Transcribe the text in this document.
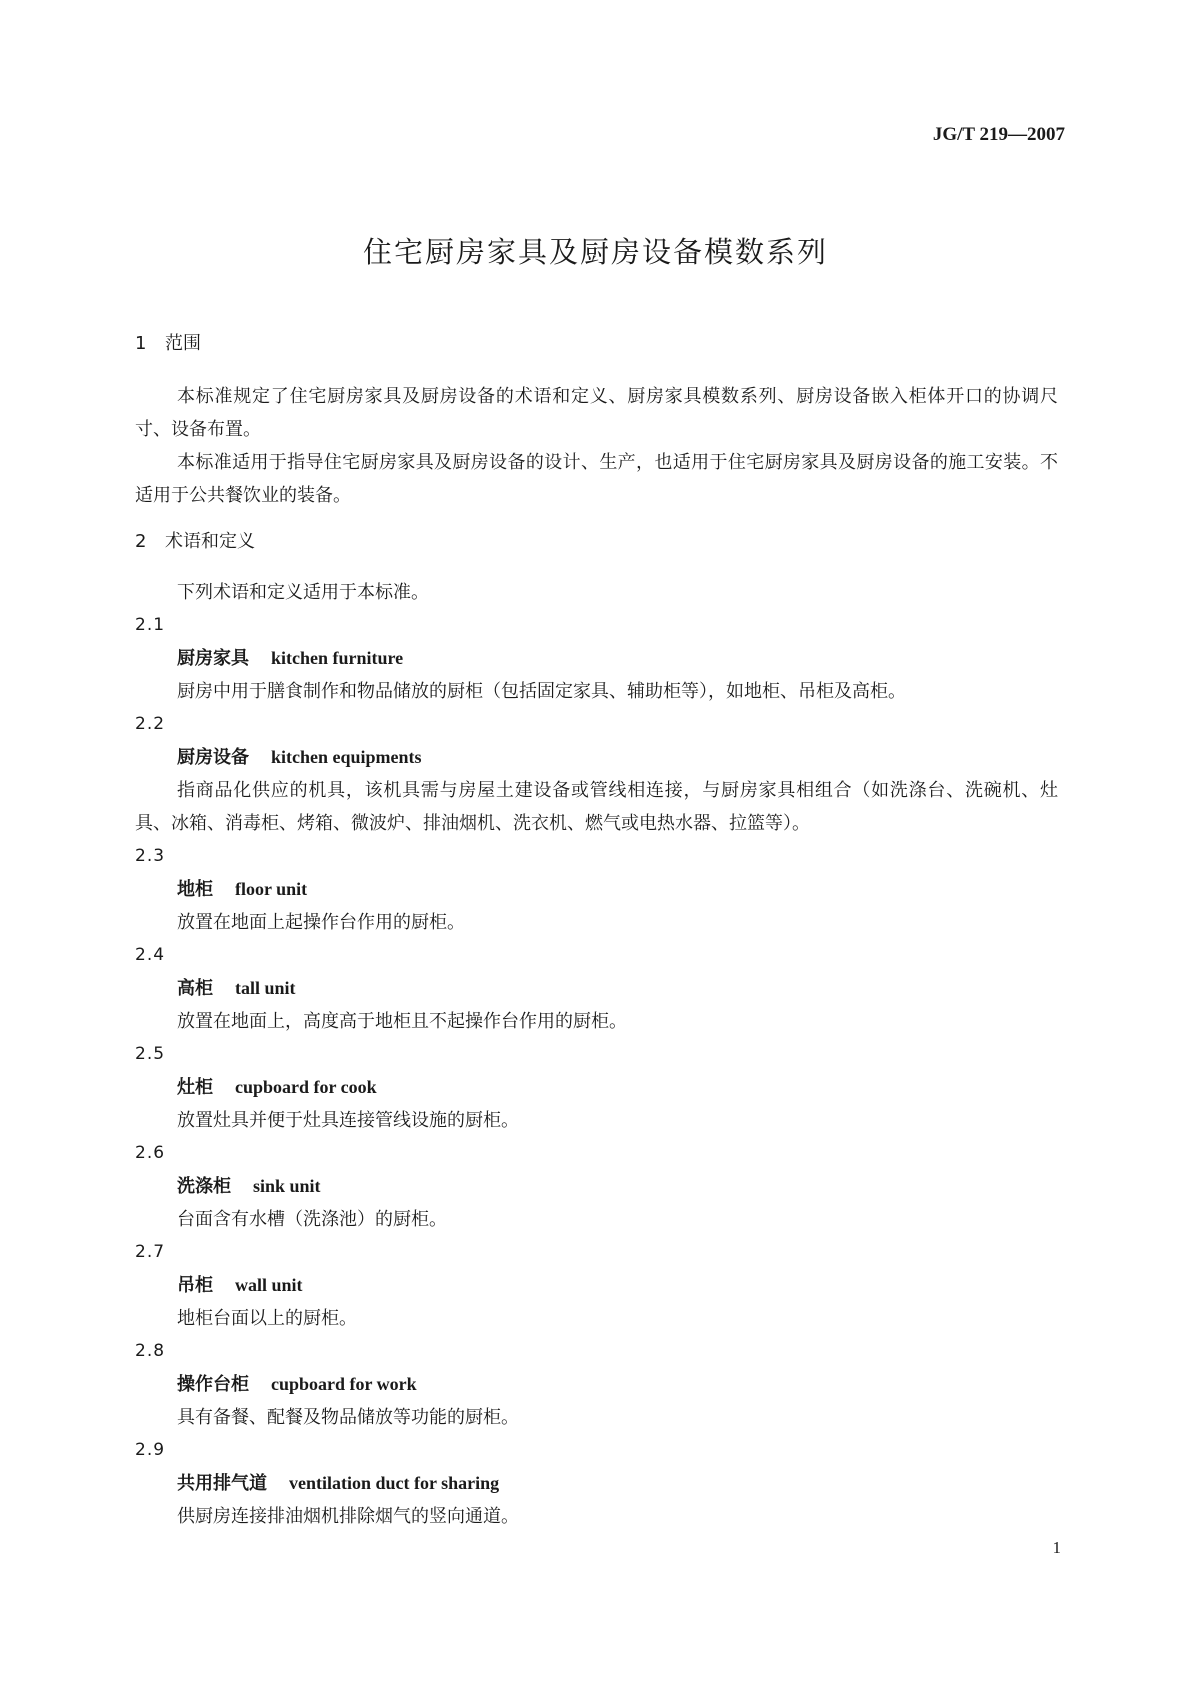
JG/T 219—2007
住宅厨房家具及厨房设备模数系列
1 范围
本标准规定了住宅厨房家具及厨房设备的术语和定义、厨房家具模数系列、厨房设备嵌入柜体开口的协调尺寸、设备布置。
本标准适用于指导住宅厨房家具及厨房设备的设计、生产，也适用于住宅厨房家具及厨房设备的施工安装。不适用于公共餐饮业的装备。
2 术语和定义
下列术语和定义适用于本标准。
2.1
厨房家具 kitchen furniture
厨房中用于膳食制作和物品储放的厨柜（包括固定家具、辅助柜等），如地柜、吊柜及高柜。
2.2
厨房设备 kitchen equipments
指商品化供应的机具，该机具需与房屋土建设备或管线相连接，与厨房家具相组合（如洗涤台、洗碗机、灶具、冰箱、消毒柜、烤箱、微波炉、排油烟机、洗衣机、燃气或电热水器、拉篮等）。
2.3
地柜 floor unit
放置在地面上起操作台作用的厨柜。
2.4
高柜 tall unit
放置在地面上，高度高于地柜且不起操作台作用的厨柜。
2.5
灶柜 cupboard for cook
放置灶具并便于灶具连接管线设施的厨柜。
2.6
洗涤柜 sink unit
台面含有水槽（洗涤池）的厨柜。
2.7
吊柜 wall unit
地柜台面以上的厨柜。
2.8
操作台柜 cupboard for work
具有备餐、配餐及物品储放等功能的厨柜。
2.9
共用排气道 ventilation duct for sharing
供厨房连接排油烟机排除烟气的竖向通道。
1
